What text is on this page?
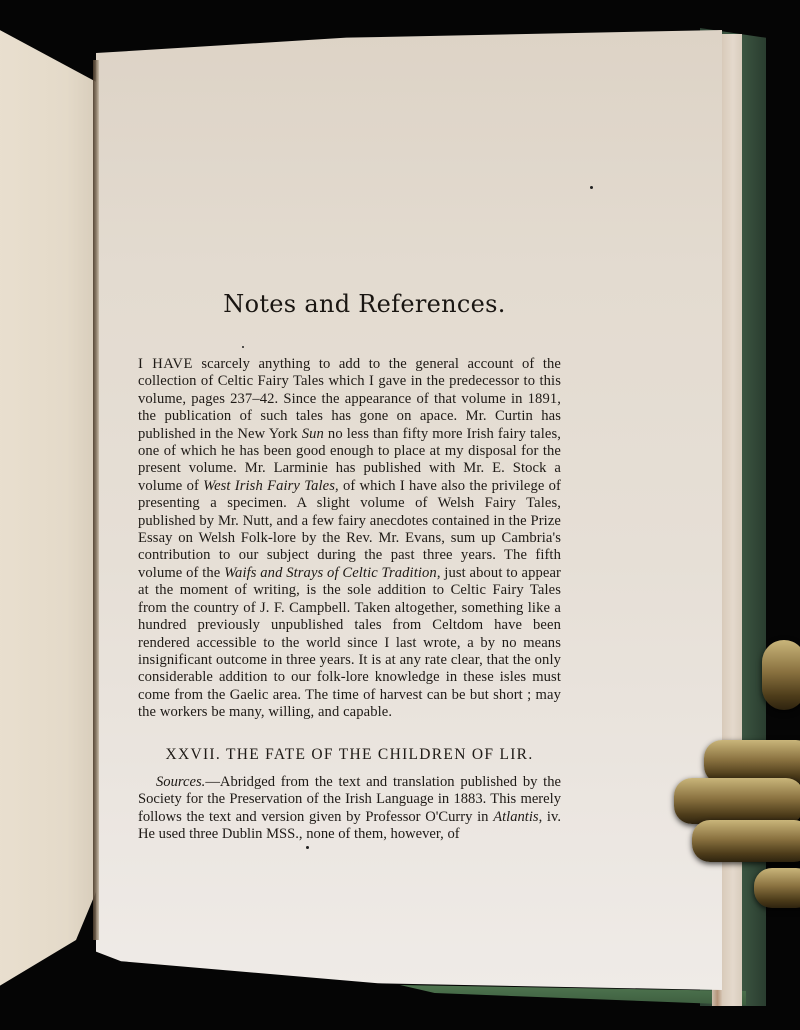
Notes and References.

I HAVE scarcely anything to add to the general account of the collection of Celtic Fairy Tales which I gave in the predecessor to this volume, pages 237–42. Since the appearance of that volume in 1891, the publication of such tales has gone on apace. Mr. Curtin has published in the New York Sun no less than fifty more Irish fairy tales, one of which he has been good enough to place at my disposal for the present volume. Mr. Larminie has published with Mr. E. Stock a volume of West Irish Fairy Tales, of which I have also the privilege of presenting a specimen. A slight volume of Welsh Fairy Tales, published by Mr. Nutt, and a few fairy anecdotes contained in the Prize Essay on Welsh Folk-lore by the Rev. Mr. Evans, sum up Cambria's contribution to our subject during the past three years. The fifth volume of the Waifs and Strays of Celtic Tradition, just about to appear at the moment of writing, is the sole addition to Celtic Fairy Tales from the country of J. F. Campbell. Taken altogether, something like a hundred previously unpublished tales from Celtdom have been rendered accessible to the world since I last wrote, a by no means insignificant outcome in three years. It is at any rate clear, that the only considerable addition to our folk-lore knowledge in these isles must come from the Gaelic area. The time of harvest can be but short ; may the workers be many, willing, and capable.

XXVII. THE FATE OF THE CHILDREN OF LIR.

Sources.—Abridged from the text and translation published by the Society for the Preservation of the Irish Language in 1883. This merely follows the text and version given by Professor O'Curry in Atlantis, iv. He used three Dublin MSS., none of them, however, of
